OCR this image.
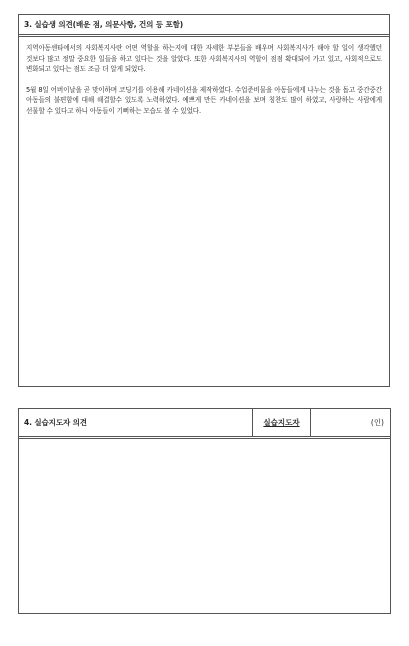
3. 실습생 의견(배운 점, 의문사항, 건의 등 포함)

지역아동센타에서의 사회복지사란 어떤 역할을 하는지에 대한 자세한 부분들을 배우며 사회복지사가 해야 할 일이 생각했던 것보다 많고 정말 중요한 일들을 하고 있다는 것을 알았다. 또한 사회복지사의 역할이 점점 확대되어 가고 있고, 사회적으로도 변화되고 있다는 점도 조금 더 알게 되었다.

5월 8일 어버이날을 곧 맞이하며 코딩기를 이용해 카네이션을 제작하였다. 수업준비물을 아동들에게 나누는 것을 돕고 중간중간 아동들의 불편함에 대해 해결할수 있도록 노력하였다. 예쁘게 만든 카네이션을 보며 칭찬도 많이 하였고, 사랑하는 사람에게 선물할 수 있다고 하니 아동들이 기뻐하는 모습도 볼 수 있었다.

4. 실습지도자 의견	실습지도자	(인)
